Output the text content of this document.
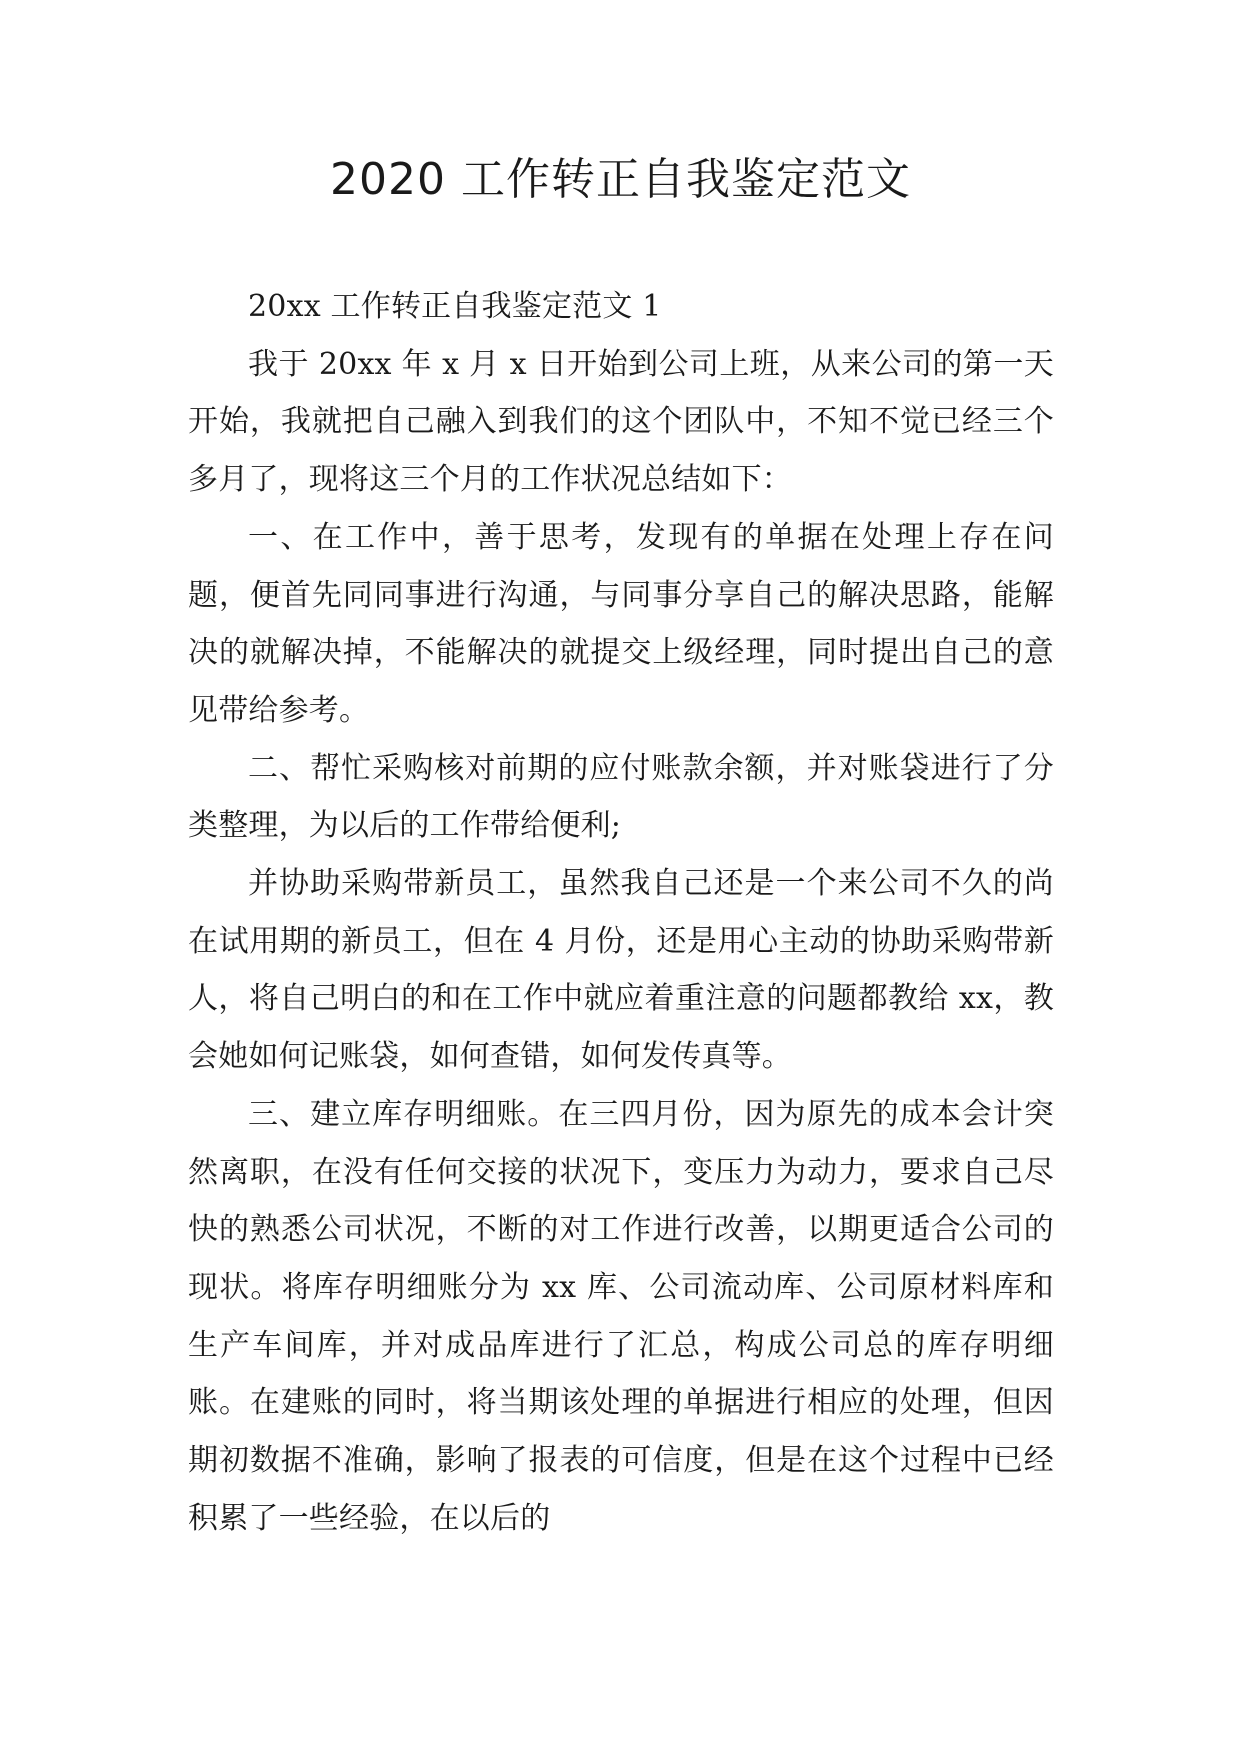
2020 工作转正自我鉴定范文

20xx 工作转正自我鉴定范文 1

我于 20xx 年 x 月 x 日开始到公司上班，从来公司的第一天开始，我就把自己融入到我们的这个团队中，不知不觉已经三个多月了，现将这三个月的工作状况总结如下：

一、在工作中，善于思考，发现有的单据在处理上存在问题，便首先同同事进行沟通，与同事分享自己的解决思路，能解决的就解决掉，不能解决的就提交上级经理，同时提出自己的意见带给参考。

二、帮忙采购核对前期的应付账款余额，并对账袋进行了分类整理，为以后的工作带给便利;

并协助采购带新员工，虽然我自己还是一个来公司不久的尚在试用期的新员工，但在 4 月份，还是用心主动的协助采购带新人，将自己明白的和在工作中就应着重注意的问题都教给 xx，教会她如何记账袋，如何查错，如何发传真等。

三、建立库存明细账。在三四月份，因为原先的成本会计突然离职，在没有任何交接的状况下，变压力为动力，要求自己尽快的熟悉公司状况，不断的对工作进行改善，以期更适合公司的现状。将库存明细账分为 xx 库、公司流动库、公司原材料库和生产车间库，并对成品库进行了汇总，构成公司总的库存明细账。在建账的同时，将当期该处理的单据进行相应的处理，但因期初数据不准确，影响了报表的可信度，但是在这个过程中已经积累了一些经验，在以后的
